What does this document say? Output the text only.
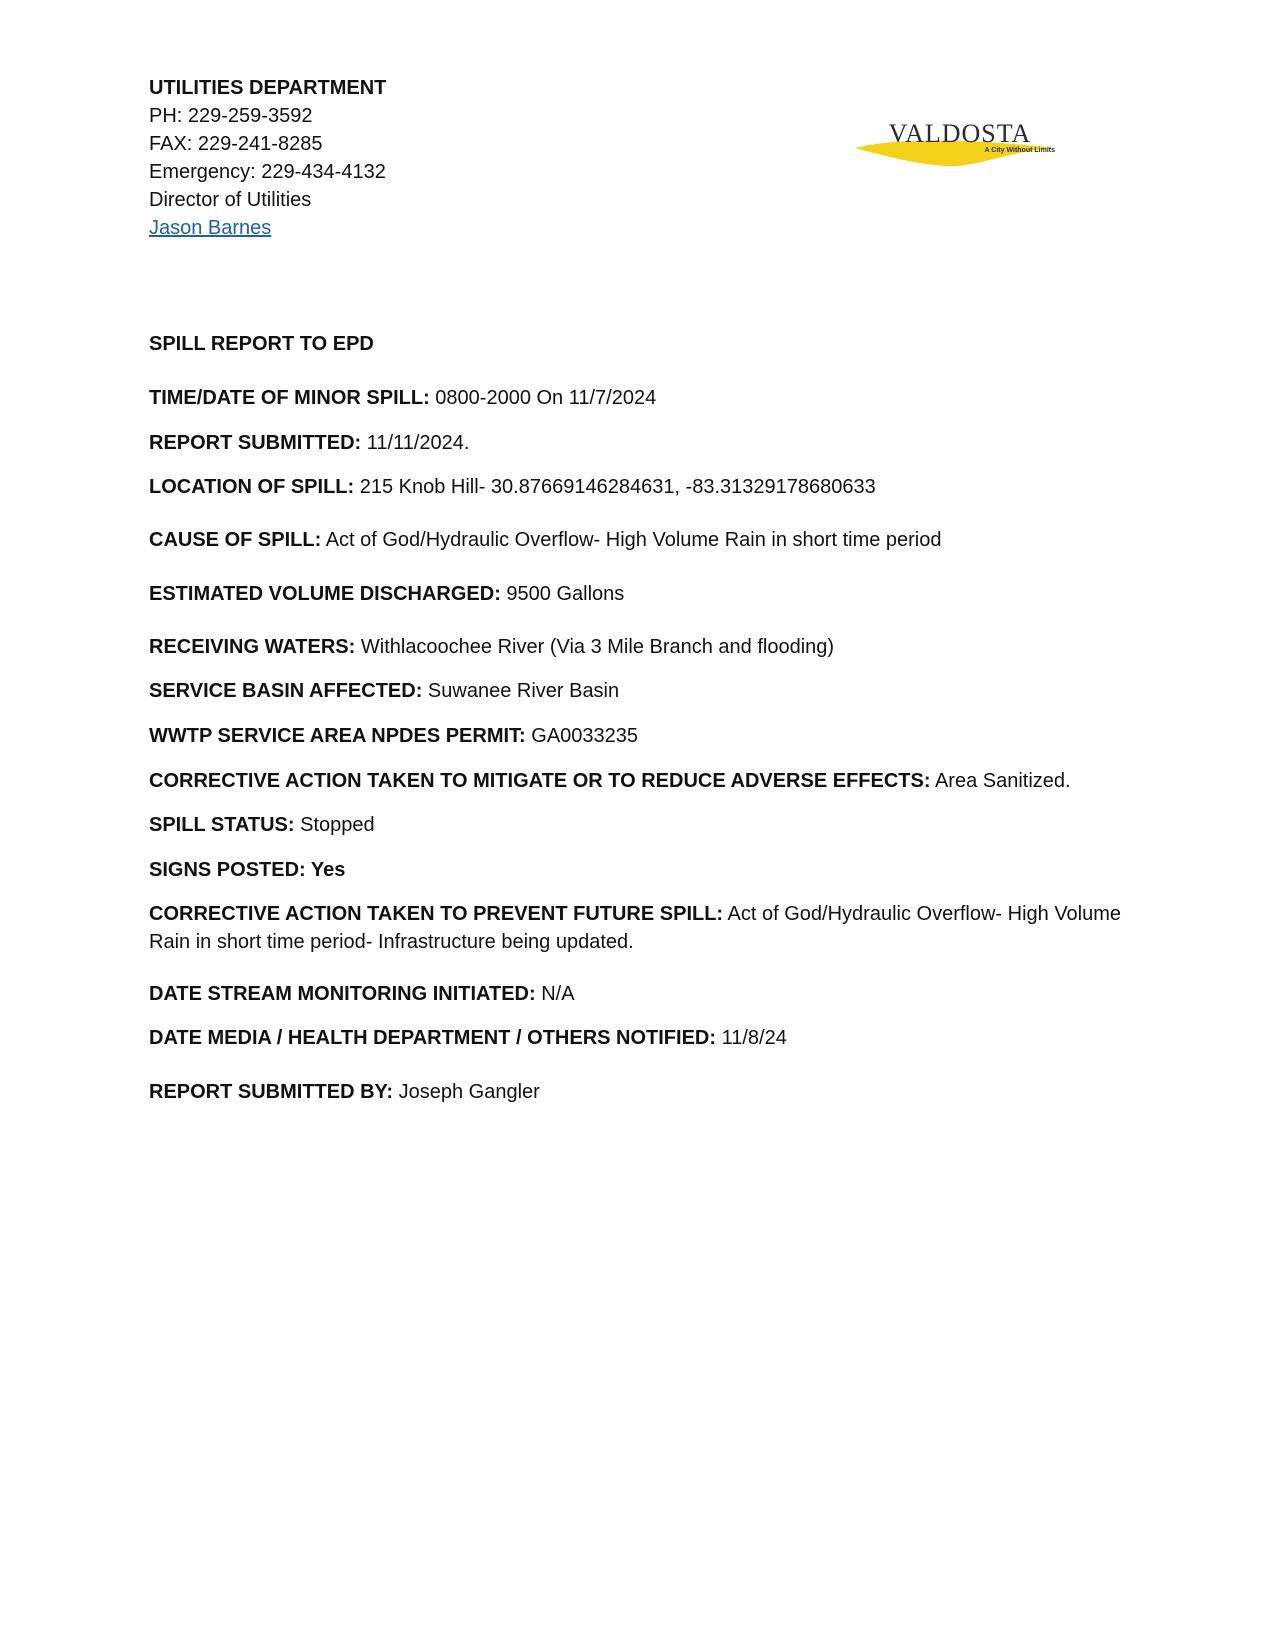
UTILITIES DEPARTMENT
PH: 229-259-3592
FAX: 229-241-8285
Emergency: 229-434-4132
Director of Utilities
Jason Barnes
VALDOSTA
A City Without Limits
SPILL REPORT TO EPD
TIME/DATE OF MINOR SPILL: 0800-2000 On 11/7/2024
REPORT SUBMITTED: 11/11/2024.
LOCATION OF SPILL: 215 Knob Hill- 30.87669146284631, -83.31329178680633
CAUSE OF SPILL: Act of God/Hydraulic Overflow- High Volume Rain in short time period
ESTIMATED VOLUME DISCHARGED: 9500 Gallons
RECEIVING WATERS: Withlacoochee River (Via 3 Mile Branch and flooding)
SERVICE BASIN AFFECTED: Suwanee River Basin
WWTP SERVICE AREA NPDES PERMIT: GA0033235
CORRECTIVE ACTION TAKEN TO MITIGATE OR TO REDUCE ADVERSE EFFECTS: Area Sanitized.
SPILL STATUS: Stopped
SIGNS POSTED: Yes
CORRECTIVE ACTION TAKEN TO PREVENT FUTURE SPILL: Act of God/Hydraulic Overflow- High Volume Rain in short time period- Infrastructure being updated.
DATE STREAM MONITORING INITIATED: N/A
DATE MEDIA / HEALTH DEPARTMENT / OTHERS NOTIFIED: 11/8/24
REPORT SUBMITTED BY: Joseph Gangler
